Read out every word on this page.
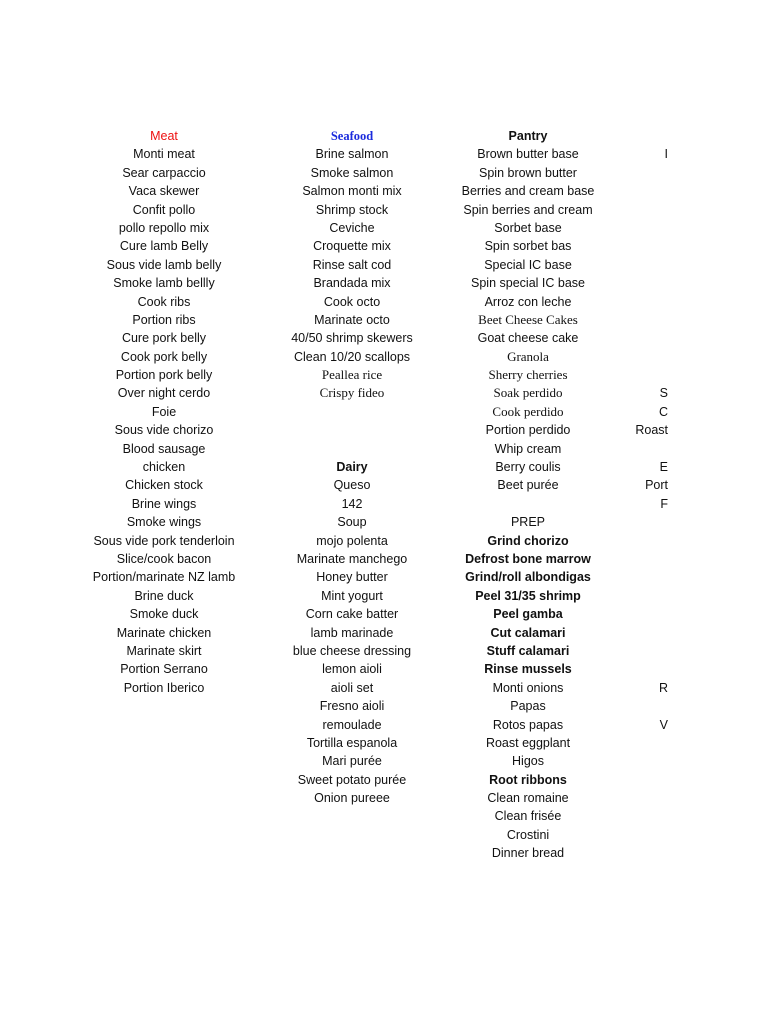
Meat
Monti meat
Sear carpaccio
Vaca skewer
Confit pollo
pollo repollo mix
Cure lamb Belly
Sous vide lamb belly
Smoke lamb bellly
Cook ribs
Portion ribs
Cure pork belly
Cook pork belly
Portion pork belly
Over night cerdo
Foie
Sous vide chorizo
Blood sausage
chicken
Chicken stock
Brine wings
Smoke wings
Sous vide pork tenderloin
Slice/cook bacon
Portion/marinate NZ lamb
Brine duck
Smoke duck
Marinate chicken
Marinate skirt
Portion Serrano
Portion Iberico
Seafood
Brine salmon
Smoke salmon
Salmon monti mix
Shrimp stock
Ceviche
Croquette mix
Rinse salt cod
Brandada mix
Cook octo
Marinate octo
40/50 shrimp skewers
Clean 10/20 scallops
Peallea rice
Crispy fideo
Dairy
Queso
142
Soup
mojo polenta
Marinate manchego
Honey butter
Mint yogurt
Corn cake batter
lamb marinade
blue cheese dressing
lemon aioli
aioli set
Fresno aioli
remoulade
Tortilla espanola
Mari purée
Sweet potato purée
Onion pureee
Pantry
Brown butter base
Spin brown butter
Berries and cream base
Spin berries and cream
Sorbet base
Spin sorbet bas
Special IC base
Spin special IC base
Arroz con leche
Beet Cheese Cakes
Goat cheese cake
Granola
Sherry cherries
Soak perdido
Cook perdido
Portion perdido
Whip cream
Berry coulis
Beet purée
PREP
Grind chorizo
Defrost bone marrow
Grind/roll albondigas
Peel 31/35 shrimp
Peel gamba
Cut calamari
Stuff calamari
Rinse mussels
Monti onions
Papas
Rotos papas
Roast eggplant
Higos
Root ribbons
Clean romaine
Clean frisée
Crostini
Dinner bread
I
S
C
Roast
E
Port
F
R
V
